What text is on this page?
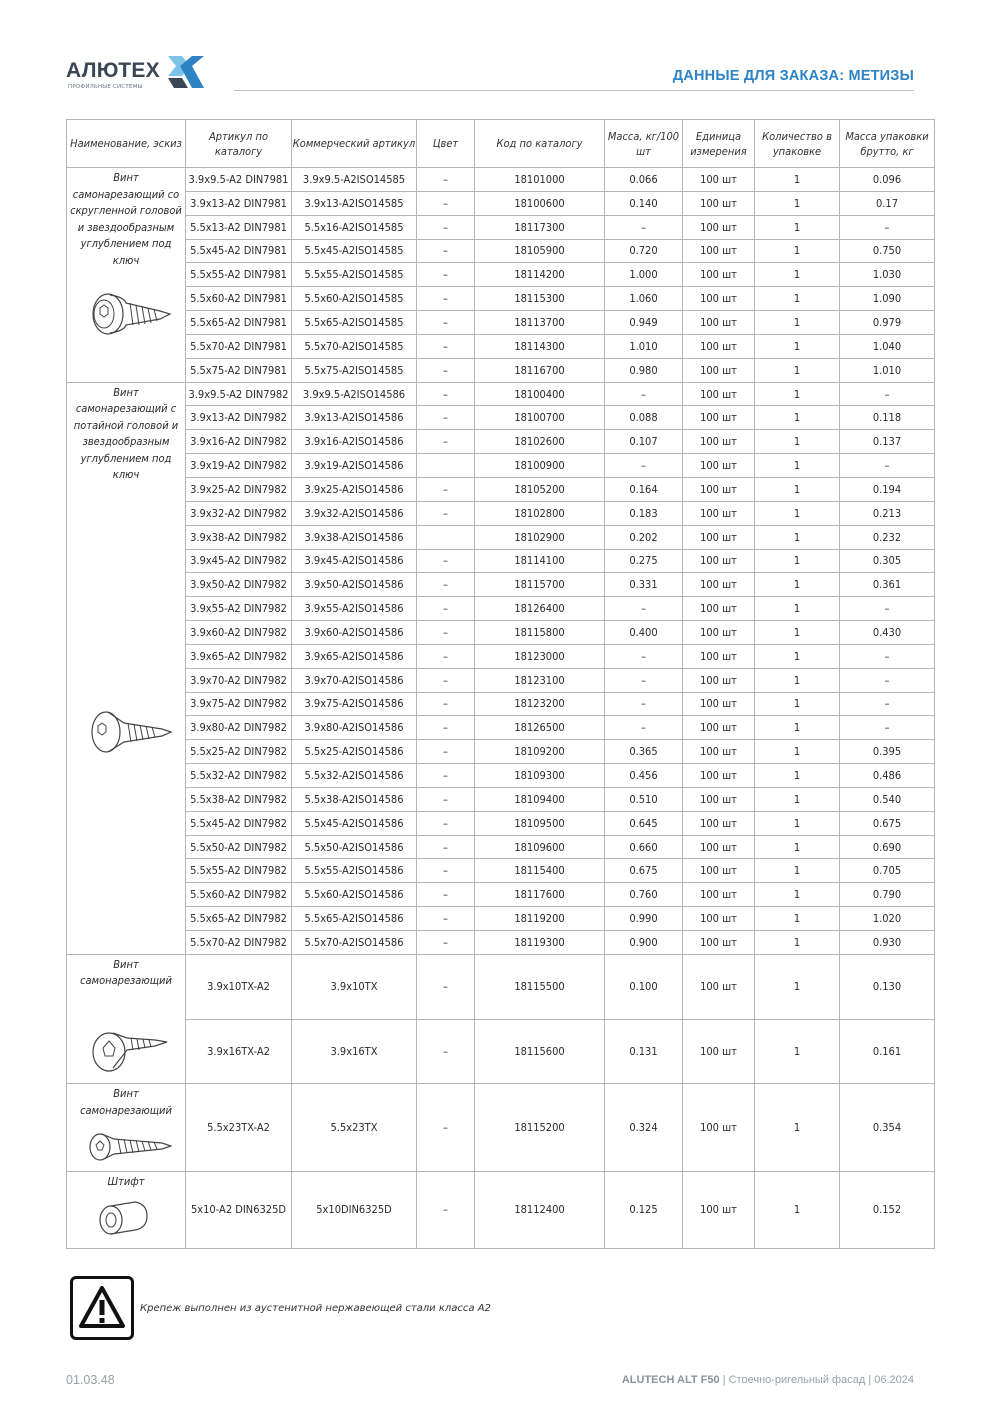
АЛЮТЕХ
ПРОФИЛЬНЫЕ СИСТЕМЫ
ДАННЫЕ ДЛЯ ЗАКАЗА: МЕТИЗЫ
Наименование, эскиз	Артикул по каталогу	Коммерческий артикул	Цвет	Код по каталогу	Масса, кг/100 шт	Единица измерения	Количество в упаковке	Масса упаковки брутто, кг

Винт самонарезающий со скругленной головой и звездообразным углублением под ключ	3.9x9.5-A2 DIN7981	3.9x9.5-A2ISO14585	–	18101000	0.066	100 шт	1	0.096
	3.9x13-A2 DIN7981	3.9x13-A2ISO14585	–	18100600	0.140	100 шт	1	0.17
	5.5x13-A2 DIN7981	5.5x16-A2ISO14585	–	18117300	–	100 шт	1	–
	5.5x45-A2 DIN7981	5.5x45-A2ISO14585	–	18105900	0.720	100 шт	1	0.750
	5.5x55-A2 DIN7981	5.5x55-A2ISO14585	–	18114200	1.000	100 шт	1	1.030
	5.5x60-A2 DIN7981	5.5x60-A2ISO14585	–	18115300	1.060	100 шт	1	1.090
	5.5x65-A2 DIN7981	5.5x65-A2ISO14585	–	18113700	0.949	100 шт	1	0.979
	5.5x70-A2 DIN7981	5.5x70-A2ISO14585	–	18114300	1.010	100 шт	1	1.040
	5.5x75-A2 DIN7981	5.5x75-A2ISO14585	–	18116700	0.980	100 шт	1	1.010

Винт самонарезающий с потайной головой и звездообразным углублением под ключ	3.9x9.5-A2 DIN7982	3.9x9.5-A2ISO14586	–	18100400	–	100 шт	1	–
	3.9x13-A2 DIN7982	3.9x13-A2ISO14586	–	18100700	0.088	100 шт	1	0.118
	3.9x16-A2 DIN7982	3.9x16-A2ISO14586	–	18102600	0.107	100 шт	1	0.137
	3.9x19-A2 DIN7982	3.9x19-A2ISO14586		18100900	–	100 шт	1	–
	3.9x25-A2 DIN7982	3.9x25-A2ISO14586	–	18105200	0.164	100 шт	1	0.194
	3.9x32-A2 DIN7982	3.9x32-A2ISO14586	–	18102800	0.183	100 шт	1	0.213
	3.9x38-A2 DIN7982	3.9x38-A2ISO14586		18102900	0.202	100 шт	1	0.232
	3.9x45-A2 DIN7982	3.9x45-A2ISO14586	–	18114100	0.275	100 шт	1	0.305
	3.9x50-A2 DIN7982	3.9x50-A2ISO14586	–	18115700	0.331	100 шт	1	0.361
	3.9x55-A2 DIN7982	3.9x55-A2ISO14586	–	18126400	–	100 шт	1	–
	3.9x60-A2 DIN7982	3.9x60-A2ISO14586	–	18115800	0.400	100 шт	1	0.430
	3.9x65-A2 DIN7982	3.9x65-A2ISO14586	–	18123000	–	100 шт	1	–
	3.9x70-A2 DIN7982	3.9x70-A2ISO14586	–	18123100	–	100 шт	1	–
	3.9x75-A2 DIN7982	3.9x75-A2ISO14586	–	18123200	–	100 шт	1	–
	3.9x80-A2 DIN7982	3.9x80-A2ISO14586	–	18126500	–	100 шт	1	–
	5.5x25-A2 DIN7982	5.5x25-A2ISO14586	–	18109200	0.365	100 шт	1	0.395
	5.5x32-A2 DIN7982	5.5x32-A2ISO14586	–	18109300	0.456	100 шт	1	0.486
	5.5x38-A2 DIN7982	5.5x38-A2ISO14586	–	18109400	0.510	100 шт	1	0.540
	5.5x45-A2 DIN7982	5.5x45-A2ISO14586	–	18109500	0.645	100 шт	1	0.675
	5.5x50-A2 DIN7982	5.5x50-A2ISO14586	–	18109600	0.660	100 шт	1	0.690
	5.5x55-A2 DIN7982	5.5x55-A2ISO14586	–	18115400	0.675	100 шт	1	0.705
	5.5x60-A2 DIN7982	5.5x60-A2ISO14586	–	18117600	0.760	100 шт	1	0.790
	5.5x65-A2 DIN7982	5.5x65-A2ISO14586	–	18119200	0.990	100 шт	1	1.020
	5.5x70-A2 DIN7982	5.5x70-A2ISO14586	–	18119300	0.900	100 шт	1	0.930

Винт самонарезающий	3.9x10TX-A2	3.9x10TX	–	18115500	0.100	100 шт	1	0.130
	3.9x16TX-A2	3.9x16TX	–	18115600	0.131	100 шт	1	0.161

Винт самонарезающий	5.5x23TX-A2	5.5x23TX	–	18115200	0.324	100 шт	1	0.354

Штифт	5x10-A2 DIN6325D	5x10DIN6325D	–	18112400	0.125	100 шт	1	0.152
Крепеж выполнен из аустенитной нержавеющей стали класса А2
01.03.48	ALUTECH ALT F50 | Стоечно-ригельный фасад | 06.2024
